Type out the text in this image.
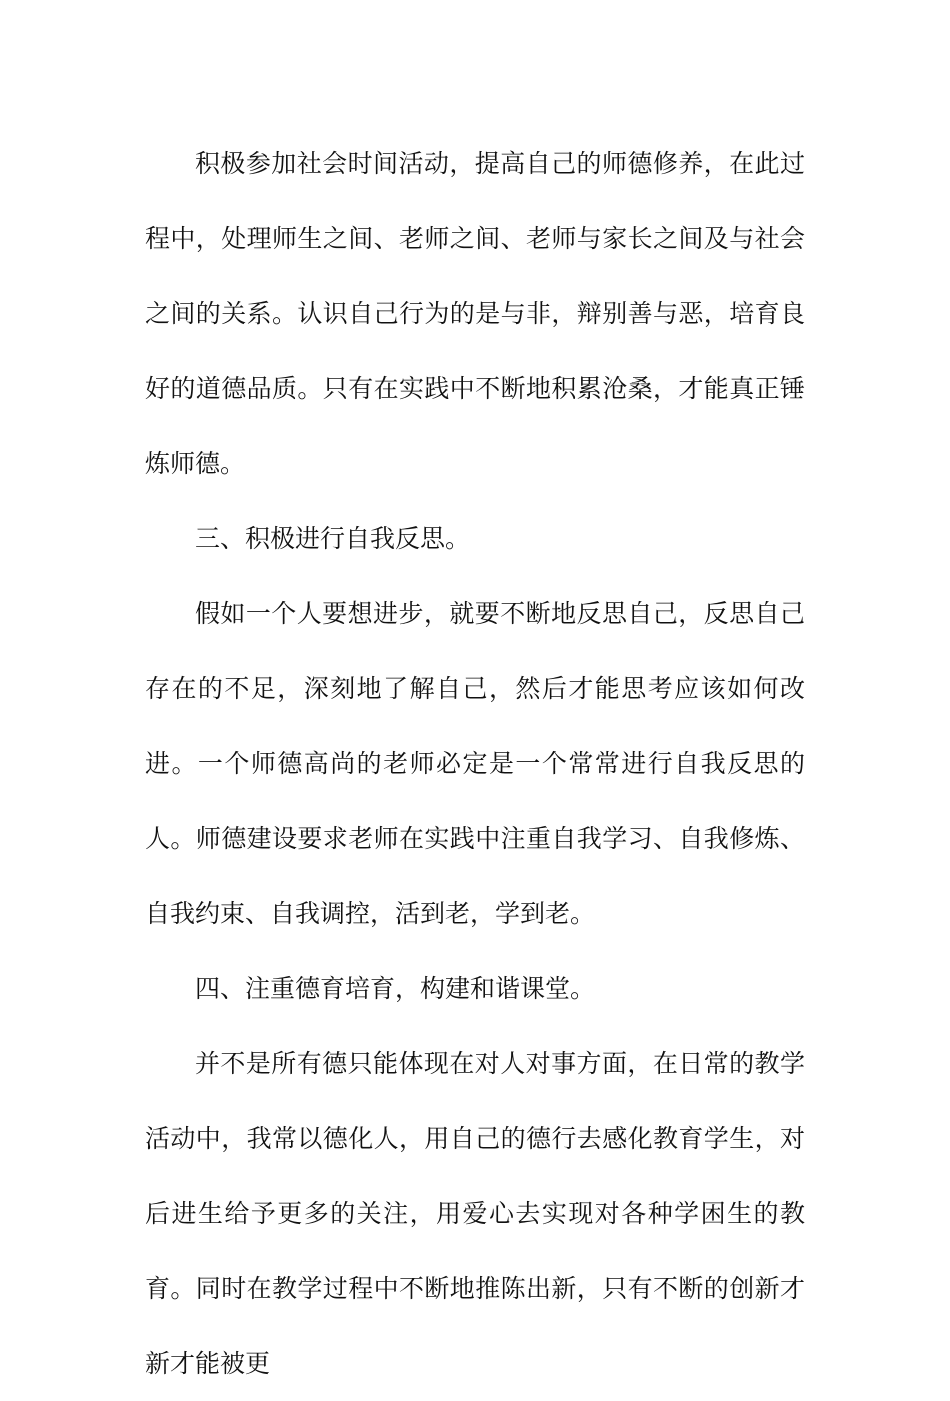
积极参加社会时间活动，提高自己的师德修养，在此过程中，处理师生之间、老师之间、老师与家长之间及与社会之间的关系。认识自己行为的是与非，辩别善与恶，培育良好的道德品质。只有在实践中不断地积累沧桑，才能真正锤炼师德。

三、积极进行自我反思。

假如一个人要想进步，就要不断地反思自己，反思自己存在的不足，深刻地了解自己，然后才能思考应该如何改进。一个师德高尚的老师必定是一个常常进行自我反思的人。师德建设要求老师在实践中注重自我学习、自我修炼、自我约束、自我调控，活到老，学到老。

四、注重德育培育，构建和谐课堂。

并不是所有德只能体现在对人对事方面，在日常的教学活动中，我常以德化人，用自己的德行去感化教育学生，对后进生给予更多的关注，用爱心去实现对各种学困生的教育。同时在教学过程中不断地推陈出新，只有不断的创新才新才能被更
